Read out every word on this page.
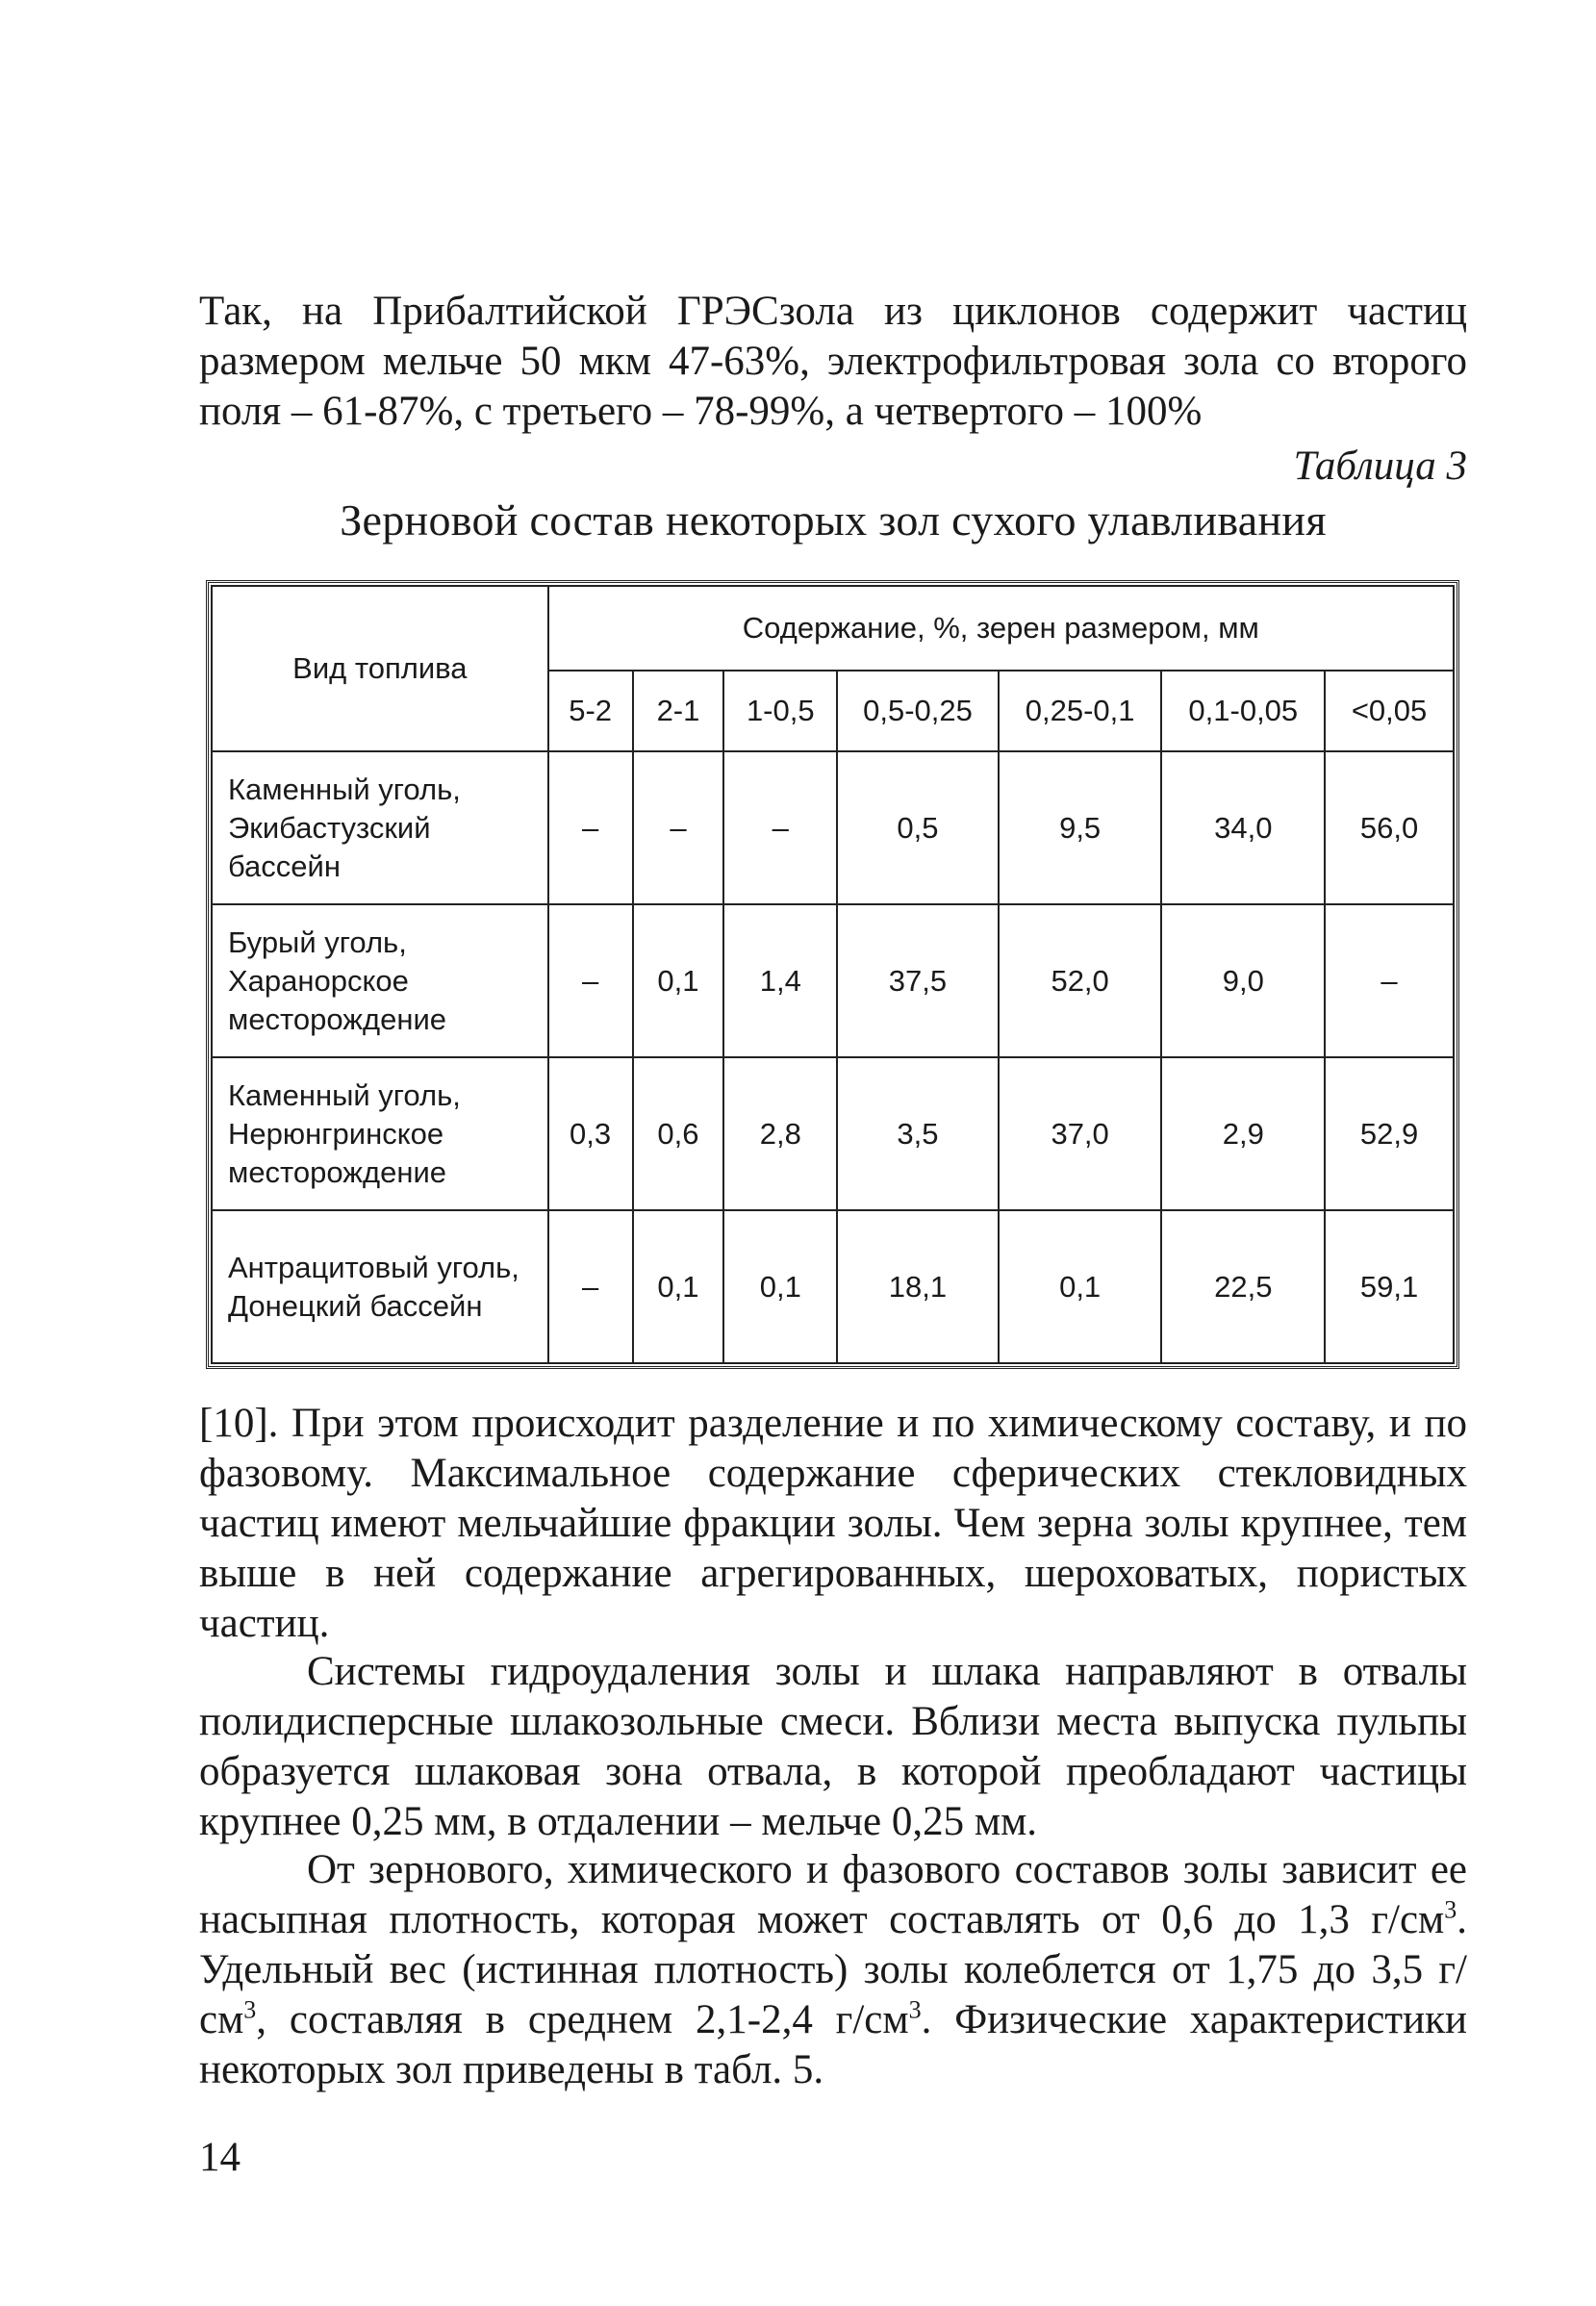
Так, на Прибалтийской ГРЭСзола из циклонов содержит частиц размером мельче 50 мкм 47-63%, электрофильтровая зола со второго поля – 61-87%, с третьего – 78-99%, а четвертого – 100%

Таблица 3

Зерновой состав некоторых зол сухого улавливания

Вид топлива	Содержание, %, зерен размером, мм						
	5-2	2-1	1-0,5	0,5-0,25	0,25-0,1	0,1-0,05	<0,05
Каменный уголь, Экибастузский бассейн	–	–	–	0,5	9,5	34,0	56,0
Бурый уголь, Харанорское месторождение	–	0,1	1,4	37,5	52,0	9,0	–
Каменный уголь, Нерюнгринское месторождение	0,3	0,6	2,8	3,5	37,0	2,9	52,9
Антрацитовый уголь, Донецкий бассейн	–	0,1	0,1	18,1	0,1	22,5	59,1

[10]. При этом происходит разделение и по химическому составу, и по фазовому. Максимальное содержание сферических стекловидных частиц имеют мельчайшие фракции золы. Чем зерна золы крупнее, тем выше в ней содержание агрегированных, шероховатых, пористых частиц.

Системы гидроудаления золы и шлака направляют в отвалы полидисперсные шлакозольные смеси. Вблизи места выпуска пульпы образуется шлаковая зона отвала, в которой преобладают частицы крупнее 0,25 мм, в отдалении – мельче 0,25 мм.

От зернового, химического и фазового составов золы зависит ее насыпная плотность, которая может составлять от 0,6 до 1,3 $г/см^3$. Удельный вес (истинная плотность) золы колеблется от 1,75 до 3,5 $г/см^3$, составляя в среднем 2,1-2,4 $г/см^3$. Физические характеристики некоторых зол приведены в табл. 5.

14
